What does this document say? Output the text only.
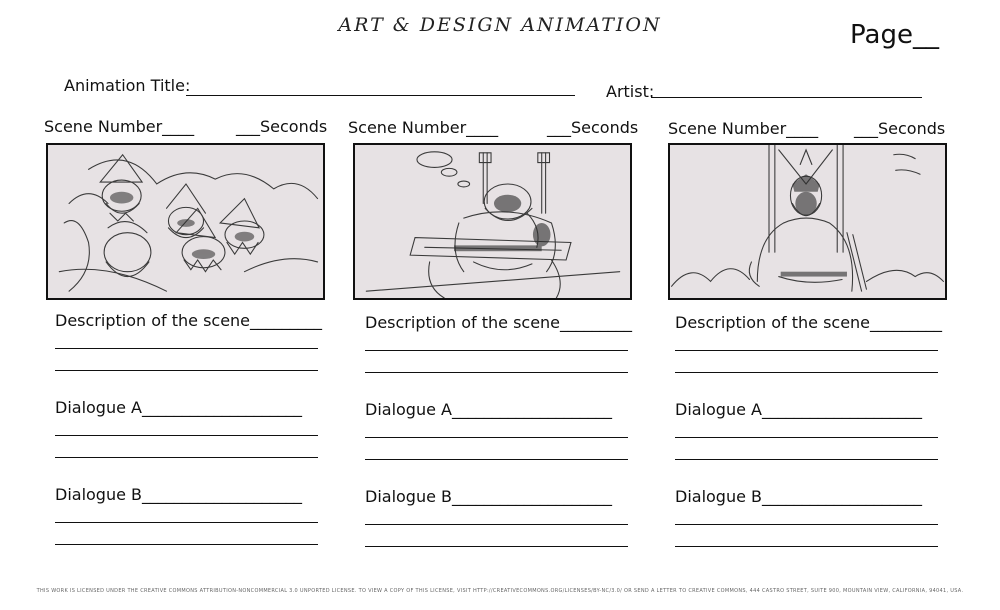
ART & DESIGN ANIMATION	Page__
Animation Title:	Artist:
Scene Number____	___Seconds
Description of the scene_________
Dialogue A____________________
Dialogue B____________________
Scene Number____	___Seconds
Description of the scene_________
Dialogue A____________________
Dialogue B____________________
Scene Number____ ___Seconds
Description of the scene_________
Dialogue A____________________
Dialogue B____________________
THIS WORK IS LICENSED UNDER THE CREATIVE COMMONS ATTRIBUTION-NONCOMMERCIAL 3.0 UNPORTED LICENSE. TO VIEW A COPY OF THIS LICENSE, VISIT HTTP://CREATIVECOMMONS.ORG/LICENSES/BY-NC/3.0/ OR SEND A LETTER TO CREATIVE COMMONS, 444 CASTRO STREET, SUITE 900, MOUNTAIN VIEW, CALIFORNIA, 94041, USA.
